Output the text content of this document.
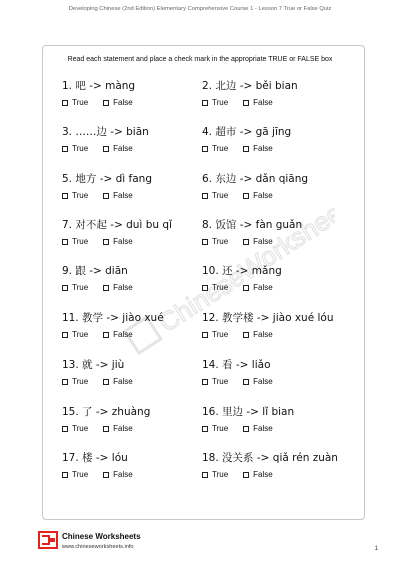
Developing Chinese (2nd Edition) Elementary Comprehensive Course 1 - Lesson 7 True or False Quiz
Read each statement and place a check mark in the appropriate TRUE or FALSE box
ChineseWorksheets
1. 吧 -> màng
True	False
2. 北边 -> běi bian
True	False
3. ……边 -> biān
True	False
4. 超市 -> gā jīng
True	False
5. 地方 -> dì fang
True	False
6. 东边 -> dǎn qiāng
True	False
7. 对不起 -> duì bu qǐ
True	False
8. 饭馆 -> fàn guǎn
True	False
9. 跟 -> diān
True	False
10. 还 -> mǎng
True	False
11. 教学 -> jiào xué
True	False
12. 教学楼 -> jiào xué lóu
True	False
13. 就 -> jiù
True	False
14. 看 -> liǎo
True	False
15. 了 -> zhuàng
True	False
16. 里边 -> lǐ bian
True	False
17. 楼 -> lóu
True	False
18. 没关系 -> qiǎ rén zuàn
True	False
Chinese Worksheets
www.chineseworksheets.info	1
